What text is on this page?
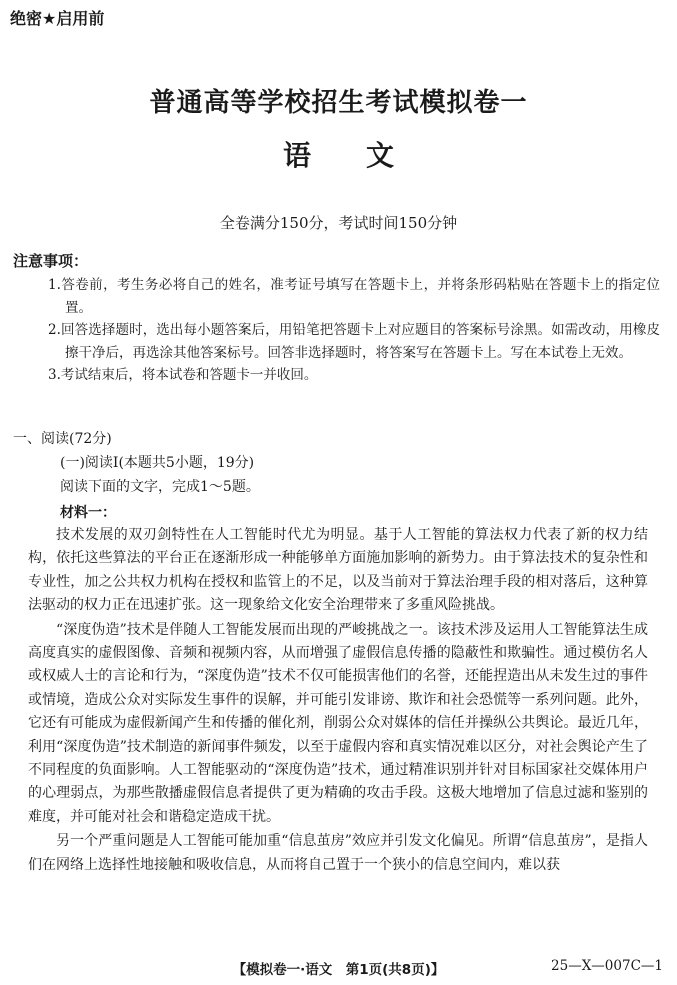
绝密★启用前
普通高等学校招生考试模拟卷一
语文
全卷满分150分，考试时间150分钟
注意事项：
1.答卷前，考生务必将自己的姓名，准考证号填写在答题卡上，并将条形码粘贴在答题卡上的指定位置。
2.回答选择题时，选出每小题答案后，用铅笔把答题卡上对应题目的答案标号涂黑。如需改动，用橡皮擦干净后，再选涂其他答案标号。回答非选择题时，将答案写在答题卡上。写在本试卷上无效。
3.考试结束后，将本试卷和答题卡一并收回。
一、阅读(72分)
(一)阅读Ⅰ(本题共5小题，19分)
阅读下面的文字，完成1～5题。
材料一：

技术发展的双刃剑特性在人工智能时代尤为明显。基于人工智能的算法权力代表了新的权力结构，依托这些算法的平台正在逐渐形成一种能够单方面施加影响的新势力。由于算法技术的复杂性和专业性，加之公共权力机构在授权和监管上的不足，以及当前对于算法治理手段的相对落后，这种算法驱动的权力正在迅速扩张。这一现象给文化安全治理带来了多重风险挑战。

“深度伪造”技术是伴随人工智能发展而出现的严峻挑战之一。该技术涉及运用人工智能算法生成高度真实的虚假图像、音频和视频内容，从而增强了虚假信息传播的隐蔽性和欺骗性。通过模仿名人或权威人士的言论和行为，“深度伪造”技术不仅可能损害他们的名誉，还能捏造出从未发生过的事件或情境，造成公众对实际发生事件的误解，并可能引发诽谤、欺诈和社会恐慌等一系列问题。此外，它还有可能成为虚假新闻产生和传播的催化剂，削弱公众对媒体的信任并操纵公共舆论。最近几年，利用“深度伪造”技术制造的新闻事件频发，以至于虚假内容和真实情况难以区分，对社会舆论产生了不同程度的负面影响。人工智能驱动的“深度伪造”技术，通过精准识别并针对目标国家社交媒体用户的心理弱点，为那些散播虚假信息者提供了更为精确的攻击手段。这极大地增加了信息过滤和鉴别的难度，并可能对社会和谐稳定造成干扰。

另一个严重问题是人工智能可能加重“信息茧房”效应并引发文化偏见。所谓“信息茧房”，是指人们在网络上选择性地接触和吸收信息，从而将自己置于一个狭小的信息空间内，难以获

【模拟卷一·语文　第1页(共8页)】	25—X—007C—1
